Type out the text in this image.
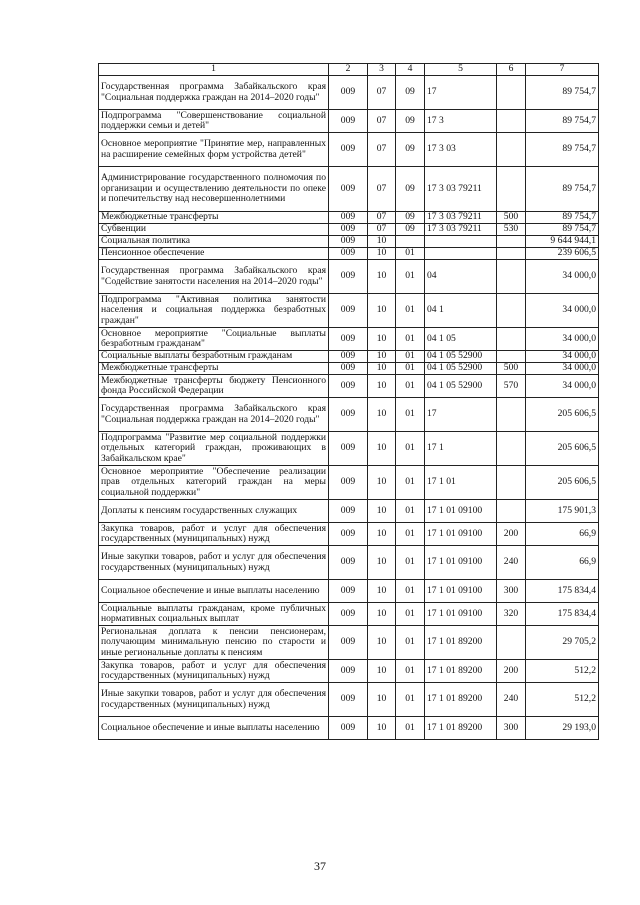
1	2	3	4	5	6	7
Государственная программа Забайкальского края "Социальная поддержка граждан на 2014–2020 годы"	009	07	09	17		89 754,7
Подпрограмма "Совершенствование социальной поддержки семьи и детей"	009	07	09	17 3		89 754,7
Основное мероприятие "Принятие мер, направленных на расширение семейных форм устройства детей"	009	07	09	17 3 03		89 754,7
Администрирование государственного полномочия по организации и осуществлению деятельности по опеке и попечительству над несовершеннолетними	009	07	09	17 3 03 79211		89 754,7
Межбюджетные трансферты	009	07	09	17 3 03 79211	500	89 754,7
Субвенции	009	07	09	17 3 03 79211	530	89 754,7
Социальная политика	009	10				9 644 944,1
Пенсионное обеспечение	009	10	01			239 606,5
Государственная программа Забайкальского края "Содействие занятости населения на 2014–2020 годы"	009	10	01	04		34 000,0
Подпрограмма "Активная политика занятости населения и социальная поддержка безработных граждан"	009	10	01	04 1		34 000,0
Основное мероприятие "Социальные выплаты безработным гражданам"	009	10	01	04 1 05		34 000,0
Социальные выплаты безработным гражданам	009	10	01	04 1 05 52900		34 000,0
Межбюджетные трансферты	009	10	01	04 1 05 52900	500	34 000,0
Межбюджетные трансферты бюджету Пенсионного фонда Российской Федерации	009	10	01	04 1 05 52900	570	34 000,0
Государственная программа Забайкальского края "Социальная поддержка граждан на 2014–2020 годы"	009	10	01	17		205 606,5
Подпрограмма "Развитие мер социальной поддержки отдельных категорий граждан, проживающих в Забайкальском крае"	009	10	01	17 1		205 606,5
Основное мероприятие "Обеспечение реализации прав отдельных категорий граждан на меры социальной поддержки"	009	10	01	17 1 01		205 606,5
Доплаты к пенсиям государственных служащих	009	10	01	17 1 01 09100		175 901,3
Закупка товаров, работ и услуг для обеспечения государственных (муниципальных) нужд	009	10	01	17 1 01 09100	200	66,9
Иные закупки товаров, работ и услуг для обеспечения государственных (муниципальных) нужд	009	10	01	17 1 01 09100	240	66,9
Социальное обеспечение и иные выплаты населению	009	10	01	17 1 01 09100	300	175 834,4
Социальные выплаты гражданам, кроме публичных нормативных социальных выплат	009	10	01	17 1 01 09100	320	175 834,4
Региональная доплата к пенсии пенсионерам, получающим минимальную пенсию по старости и иные региональные доплаты к пенсиям	009	10	01	17 1 01 89200		29 705,2
Закупка товаров, работ и услуг для обеспечения государственных (муниципальных) нужд	009	10	01	17 1 01 89200	200	512,2
Иные закупки товаров, работ и услуг для обеспечения государственных (муниципальных) нужд	009	10	01	17 1 01 89200	240	512,2
Социальное обеспечение и иные выплаты населению	009	10	01	17 1 01 89200	300	29 193,0
37
